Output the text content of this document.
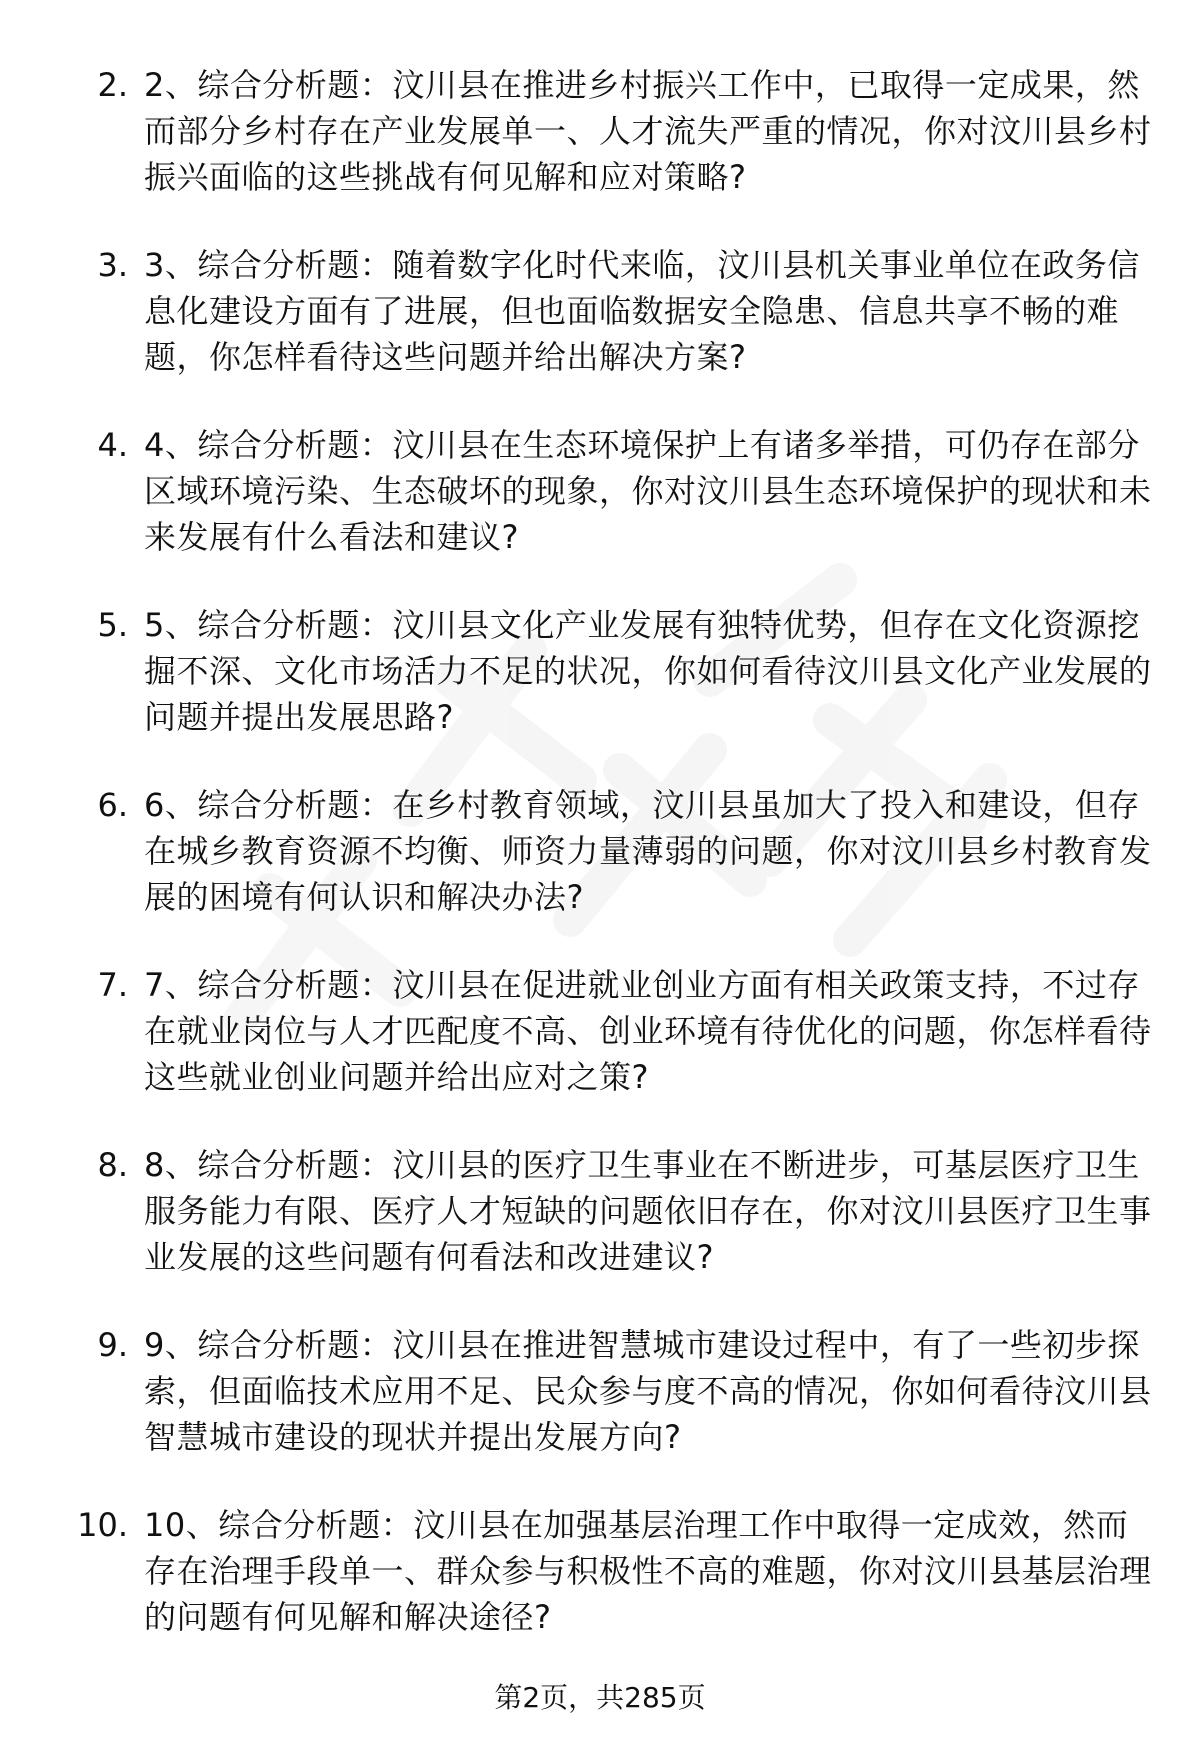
2. 2、综合分析题：汶川县在推进乡村振兴工作中，已取得一定成果，然而部分乡村存在产业发展单一、人才流失严重的情况，你对汶川县乡村振兴面临的这些挑战有何见解和应对策略?
3. 3、综合分析题：随着数字化时代来临，汶川县机关事业单位在政务信息化建设方面有了进展，但也面临数据安全隐患、信息共享不畅的难题，你怎样看待这些问题并给出解决方案?
4. 4、综合分析题：汶川县在生态环境保护上有诸多举措，可仍存在部分区域环境污染、生态破坏的现象，你对汶川县生态环境保护的现状和未来发展有什么看法和建议?
5. 5、综合分析题：汶川县文化产业发展有独特优势，但存在文化资源挖掘不深、文化市场活力不足的状况，你如何看待汶川县文化产业发展的问题并提出发展思路?
6. 6、综合分析题：在乡村教育领域，汶川县虽加大了投入和建设，但存在城乡教育资源不均衡、师资力量薄弱的问题，你对汶川县乡村教育发展的困境有何认识和解决办法?
7. 7、综合分析题：汶川县在促进就业创业方面有相关政策支持，不过存在就业岗位与人才匹配度不高、创业环境有待优化的问题，你怎样看待这些就业创业问题并给出应对之策?
8. 8、综合分析题：汶川县的医疗卫生事业在不断进步，可基层医疗卫生服务能力有限、医疗人才短缺的问题依旧存在，你对汶川县医疗卫生事业发展的这些问题有何看法和改进建议?
9. 9、综合分析题：汶川县在推进智慧城市建设过程中，有了一些初步探索，但面临技术应用不足、民众参与度不高的情况，你如何看待汶川县智慧城市建设的现状并提出发展方向?
10. 10、综合分析题：汶川县在加强基层治理工作中取得一定成效，然而存在治理手段单一、群众参与积极性不高的难题，你对汶川县基层治理的问题有何见解和解决途径?
第2页，共285页
